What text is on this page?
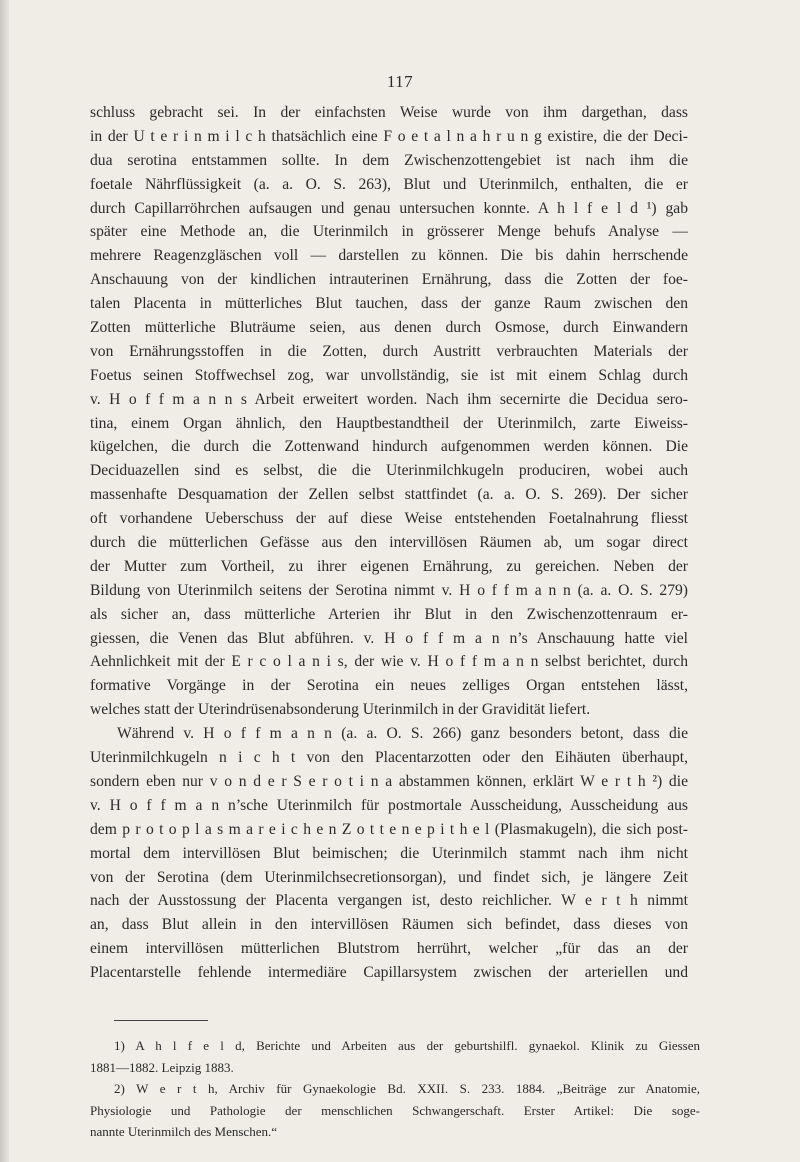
117
schluss gebracht sei. In der einfachsten Weise wurde von ihm dargethan, dass
in der U t e r i n m i l c h thatsächlich eine F o e t a l n a h r u n g existire, die der Deci-
dua serotina entstammen sollte. In dem Zwischenzottengebiet ist nach ihm die
foetale Nährflüssigkeit (a. a. O. S. 263), Blut und Uterinmilch, enthalten, die er
durch Capillarröhrchen aufsaugen und genau untersuchen konnte. A h l f e l d ¹) gab
später eine Methode an, die Uterinmilch in grösserer Menge behufs Analyse —
mehrere Reagenzgläschen voll — darstellen zu können. Die bis dahin herrschende
Anschauung von der kindlichen intrauterinen Ernährung, dass die Zotten der foe-
talen Placenta in mütterliches Blut tauchen, dass der ganze Raum zwischen den
Zotten mütterliche Bluträume seien, aus denen durch Osmose, durch Einwandern
von Ernährungsstoffen in die Zotten, durch Austritt verbrauchten Materials der
Foetus seinen Stoffwechsel zog, war unvollständig, sie ist mit einem Schlag durch
v. H o f f m a n n s Arbeit erweitert worden. Nach ihm secernirte die Decidua sero-
tina, einem Organ ähnlich, den Hauptbestandtheil der Uterinmilch, zarte Eiweiss-
kügelchen, die durch die Zottenwand hindurch aufgenommen werden können. Die
Deciduazellen sind es selbst, die die Uterinmilchkugeln produciren, wobei auch
massenhafte Desquamation der Zellen selbst stattfindet (a. a. O. S. 269). Der sicher
oft vorhandene Ueberschuss der auf diese Weise entstehenden Foetalnahrung fliesst
durch die mütterlichen Gefässe aus den intervillösen Räumen ab, um sogar direct
der Mutter zum Vortheil, zu ihrer eigenen Ernährung, zu gereichen. Neben der
Bildung von Uterinmilch seitens der Serotina nimmt v. H o f f m a n n (a. a. O. S. 279)
als sicher an, dass mütterliche Arterien ihr Blut in den Zwischenzottenraum er-
giessen, die Venen das Blut abführen. v. H o f f m a n n’s Anschauung hatte viel
Aehnlichkeit mit der E r c o l a n i s, der wie v. H o f f m a n n selbst berichtet, durch
formative Vorgänge in der Serotina ein neues zelliges Organ entstehen lässt,
welches statt der Uterindrüsenabsonderung Uterinmilch in der Gravidität liefert.
Während v. H o f f m a n n (a. a. O. S. 266) ganz besonders betont, dass die
Uterinmilchkugeln n i c h t von den Placentarzotten oder den Eihäuten überhaupt,
sondern eben nur v o n d e r S e r o t i n a abstammen können, erklärt W e r t h ²) die
v. H o f f m a n n’sche Uterinmilch für postmortale Ausscheidung, Ausscheidung aus
dem p r o t o p l a s m a r e i c h e n Z o t t e n e p i t h e l (Plasmakugeln), die sich post-
mortal dem intervillösen Blut beimischen; die Uterinmilch stammt nach ihm nicht
von der Serotina (dem Uterinmilchsecretionsorgan), und findet sich, je längere Zeit
nach der Ausstossung der Placenta vergangen ist, desto reichlicher. W e r t h nimmt
an, dass Blut allein in den intervillösen Räumen sich befindet, dass dieses von
einem intervillösen mütterlichen Blutstrom herrührt, welcher „für das an der
Placentarstelle fehlende intermediäre Capillarsystem zwischen der arteriellen und
1) A h l f e l d, Berichte und Arbeiten aus der geburtshilfl. gynaekol. Klinik zu Giessen
1881—1882. Leipzig 1883.
2) W e r t h, Archiv für Gynaekologie Bd. XXII. S. 233. 1884. „Beiträge zur Anatomie,
Physiologie und Pathologie der menschlichen Schwangerschaft. Erster Artikel: Die soge-
nannte Uterinmilch des Menschen.“
